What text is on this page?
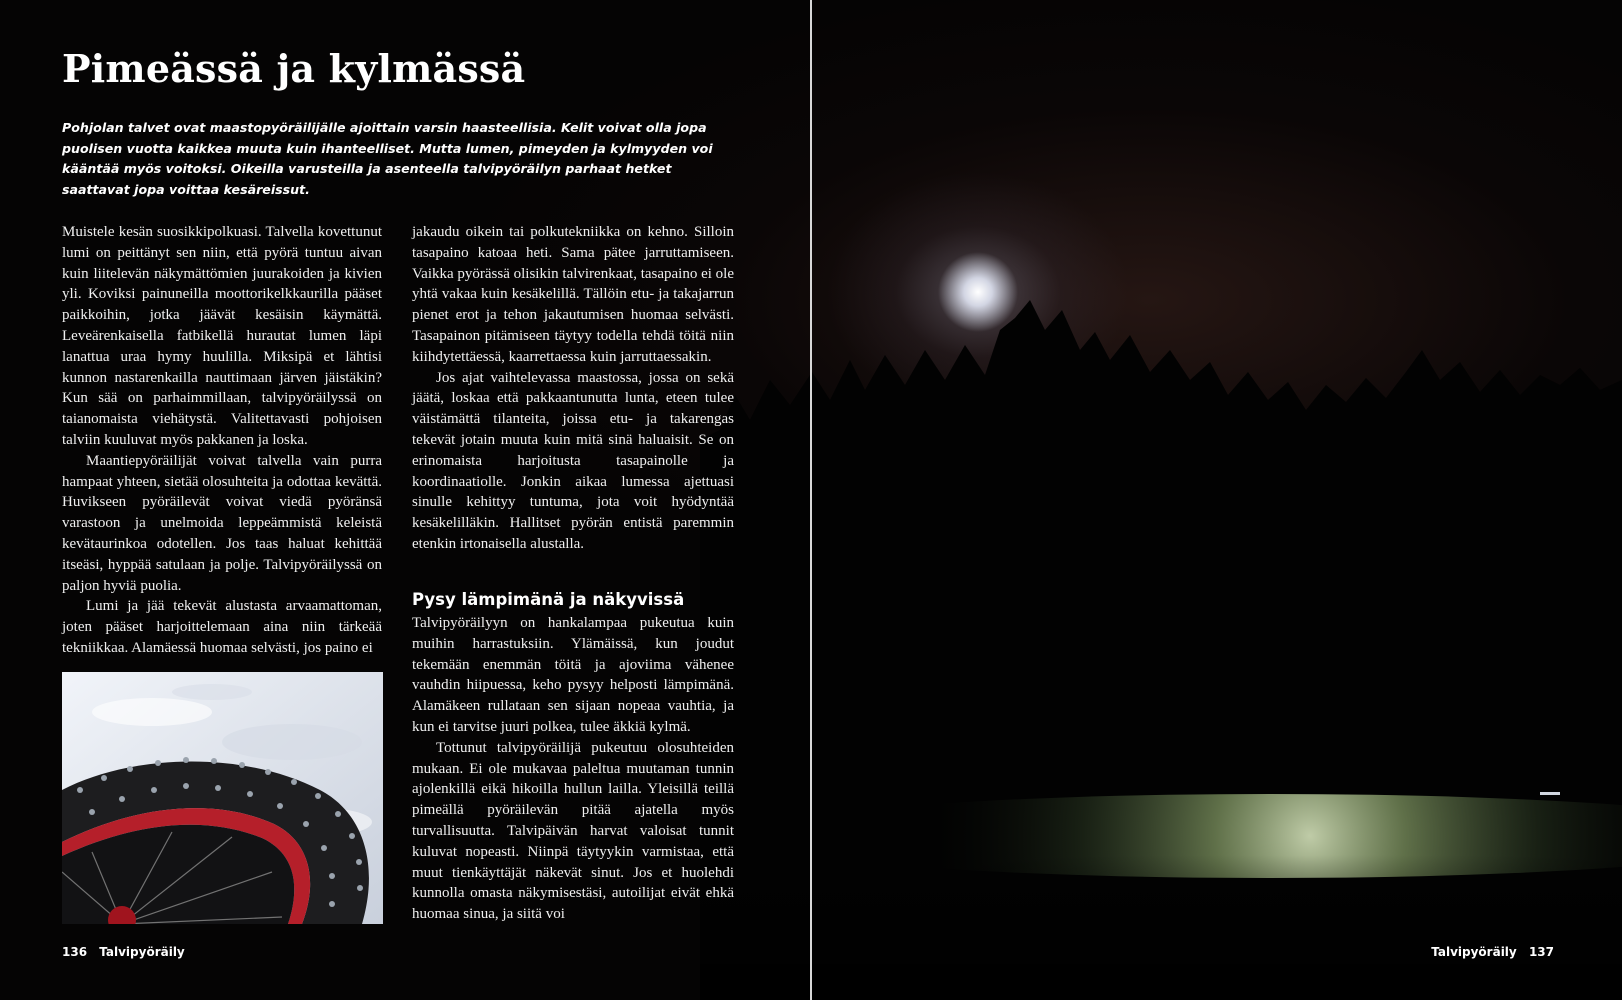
Pimeässä ja kylmässä

Pohjolan talvet ovat maastopyöräilijälle ajoittain varsin haasteellisia. Kelit voivat olla jopa puolisen vuotta kaikkea muuta kuin ihanteelliset. Mutta lumen, pimeyden ja kylmyyden voi kääntää myös voitoksi. Oikeilla varusteilla ja asenteella talvipyöräilyn parhaat hetket saattavat jopa voittaa kesäreissut.

Muistele kesän suosikkipolkuasi. Talvella kovettunut lumi on peittänyt sen niin, että pyörä tuntuu aivan kuin liitelevän näkymättömien juurakoiden ja kivien yli. Koviksi painuneilla moottorikelkkaurilla pääset paikkoihin, jotka jäävät kesäisin käymättä. Leveärenkaisella fatbikellä hurautat lumen läpi lanattua uraa hymy huulilla. Miksipä et lähtisi kunnon nastarenkailla nauttimaan järven jäistäkin? Kun sää on parhaimmillaan, talvipyöräilyssä on taianomaista viehätystä. Valitettavasti pohjoisen talviin kuuluvat myös pakkanen ja loska.

Maantiepyöräilijät voivat talvella vain purra hampaat yhteen, sietää olosuhteita ja odottaa kevättä. Huvikseen pyöräilevät voivat viedä pyöränsä varastoon ja unelmoida leppeämmistä keleistä kevätaurinkoa odotellen. Jos taas haluat kehittää itseäsi, hyppää satulaan ja polje. Talvipyöräilyssä on paljon hyviä puolia.

Lumi ja jää tekevät alustasta arvaamattoman, joten pääset harjoittelemaan aina niin tärkeää tekniikkaa. Alamäessä huomaa selvästi, jos paino ei

jakaudu oikein tai polkutekniikka on kehno. Silloin tasapaino katoaa heti. Sama pätee jarruttamiseen. Vaikka pyörässä olisikin talvirenkaat, tasapaino ei ole yhtä vakaa kuin kesäkelillä. Tällöin etu- ja takajarrun pienet erot ja tehon jakautumisen huomaa selvästi. Tasapainon pitämiseen täytyy todella tehdä töitä niin kiihdytettäessä, kaarrettaessa kuin jarruttaessakin.

Jos ajat vaihtelevassa maastossa, jossa on sekä jäätä, loskaa että pakkaantunutta lunta, eteen tulee väistämättä tilanteita, joissa etu- ja takarengas tekevät jotain muuta kuin mitä sinä haluaisit. Se on erinomaista harjoitusta tasapainolle ja koordinaatiolle. Jonkin aikaa lumessa ajettuasi sinulle kehittyy tuntuma, jota voit hyödyntää kesäkelilläkin. Hallitset pyörän entistä paremmin etenkin irtonaisella alustalla.

Pysy lämpimänä ja näkyvissä

Talvipyöräilyyn on hankalampaa pukeutua kuin muihin harrastuksiin. Ylämäissä, kun joudut tekemään enemmän töitä ja ajoviima vähenee vauhdin hiipuessa, keho pysyy helposti lämpimänä. Alamäkeen rullataan sen sijaan nopeaa vauhtia, ja kun ei tarvitse juuri polkea, tulee äkkiä kylmä.

Tottunut talvipyöräilijä pukeutuu olosuhteiden mukaan. Ei ole mukavaa paleltua muutaman tunnin ajolenkillä eikä hikoilla hullun lailla. Yleisillä teillä pimeällä pyöräilevän pitää ajatella myös turvallisuutta. Talvipäivän harvat valoisat tunnit kuluvat nopeasti. Niinpä täytyykin varmistaa, että muut tienkäyttäjät näkevät sinut. Jos et huolehdi kunnolla omasta näkymisestäsi, autoilijat eivät ehkä huomaa sinua, ja siitä voi

136 Talvipyöräily	Talvipyöräily 137
